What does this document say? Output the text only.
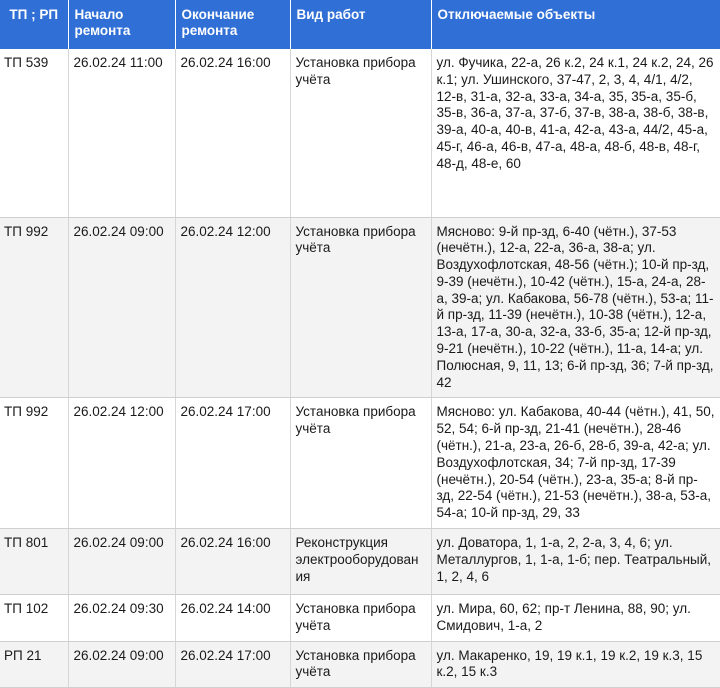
ТП ; РП	Начало ремонта	Окончание ремонта	Вид работ	Отключаемые объекты
ТП 539	26.02.24 11:00	26.02.24 16:00	Установка прибора учёта	ул. Фучика, 22-а, 26 к.2, 24 к.1, 24 к.2, 24, 26 к.1; ул. Ушинского, 37-47, 2, 3, 4, 4/1, 4/2, 12-в, 31-а, 32-а, 33-а, 34-а, 35, 35-а, 35-б, 35-в, 36-а, 37-а, 37-б, 37-в, 38-а, 38-б, 38-в, 39-а, 40-а, 40-в, 41-а, 42-а, 43-а, 44/2, 45-а, 45-г, 46-а, 46-в, 47-а, 48-а, 48-б, 48-в, 48-г, 48-д, 48-е, 60
ТП 992	26.02.24 09:00	26.02.24 12:00	Установка прибора учёта	Мясново: 9-й пр-зд, 6-40 (чётн.), 37-53 (нечётн.), 12-а, 22-а, 36-а, 38-а; ул. Воздухофлотская, 48-56 (чётн.); 10-й пр-зд, 9-39 (нечётн.), 10-42 (чётн.), 15-а, 24-а, 28-а, 39-а; ул. Кабакова, 56-78 (чётн.), 53-а; 11-й пр-зд, 11-39 (нечётн.), 10-38 (чётн.), 12-а, 13-а, 17-а, 30-а, 32-а, 33-б, 35-а; 12-й пр-зд, 9-21 (нечётн.), 10-22 (чётн.), 11-а, 14-а; ул. Полюсная, 9, 11, 13; 6-й пр-зд, 36; 7-й пр-зд, 42
ТП 992	26.02.24 12:00	26.02.24 17:00	Установка прибора учёта	Мясново: ул. Кабакова, 40-44 (чётн.), 41, 50, 52, 54; 6-й пр-зд, 21-41 (нечётн.), 28-46 (чётн.), 21-а, 23-а, 26-б, 28-б, 39-а, 42-а; ул. Воздухофлотская, 34; 7-й пр-зд, 17-39 (нечётн.), 20-54 (чётн.), 23-а, 35-а; 8-й пр-зд, 22-54 (чётн.), 21-53 (нечётн.), 38-а, 53-а, 54-а; 10-й пр-зд, 29, 33
ТП 801	26.02.24 09:00	26.02.24 16:00	Реконструкция электрооборудования	ул. Доватора, 1, 1-а, 2, 2-а, 3, 4, 6; ул. Металлургов, 1, 1-а, 1-б; пер. Театральный, 1, 2, 4, 6
ТП 102	26.02.24 09:30	26.02.24 14:00	Установка прибора учёта	ул. Мира, 60, 62; пр-т Ленина, 88, 90; ул. Смидович, 1-а, 2
РП 21	26.02.24 09:00	26.02.24 17:00	Установка прибора учёта	ул. Макаренко, 19, 19 к.1, 19 к.2, 19 к.3, 15 к.2, 15 к.3
